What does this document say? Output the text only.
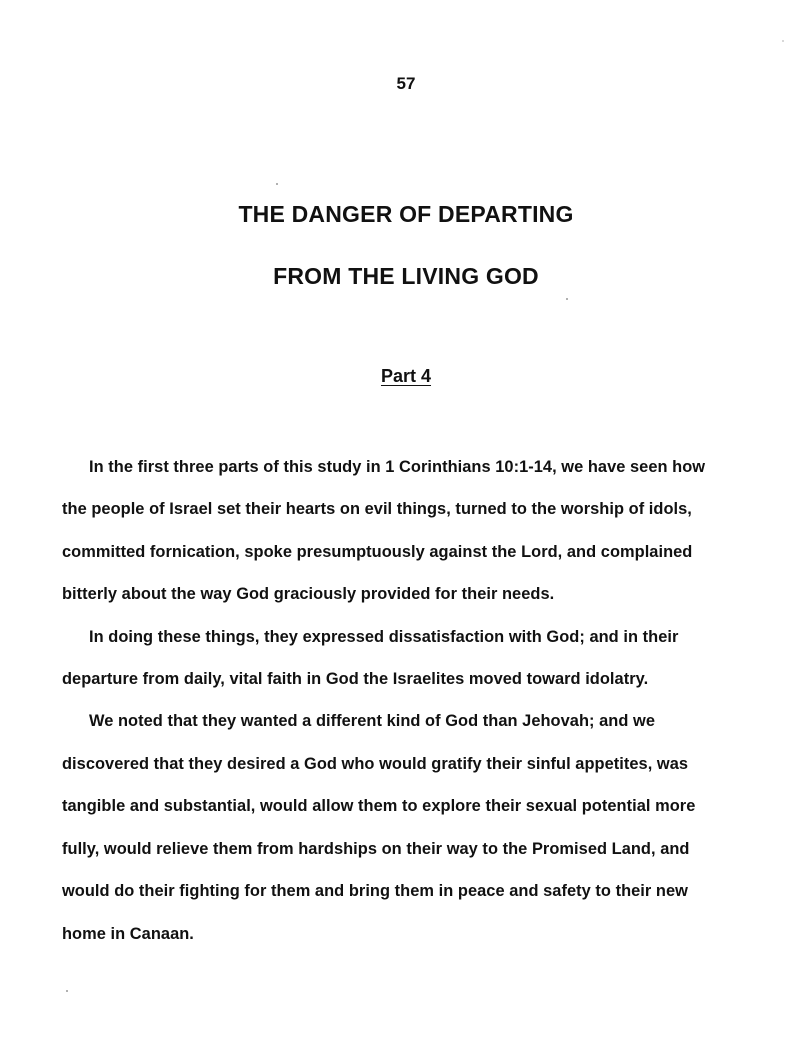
57
THE DANGER OF DEPARTING
FROM THE LIVING GOD
Part 4
In the first three parts of this study in 1 Corinthians 10:1-14, we have seen how
the people of Israel set their hearts on evil things, turned to the worship of idols,
committed fornication, spoke presumptuously against the Lord, and complained
bitterly about the way God graciously provided for their needs.
In doing these things, they expressed dissatisfaction with God; and in their
departure from daily, vital faith in God the Israelites moved toward idolatry.
We noted that they wanted a different kind of God than Jehovah; and we
discovered that they desired a God who would gratify their sinful appetites, was
tangible and substantial, would allow them to explore their sexual potential more
fully, would relieve them from hardships on their way to the Promised Land, and
would do their fighting for them and bring them in peace and safety to their new
home in Canaan.
